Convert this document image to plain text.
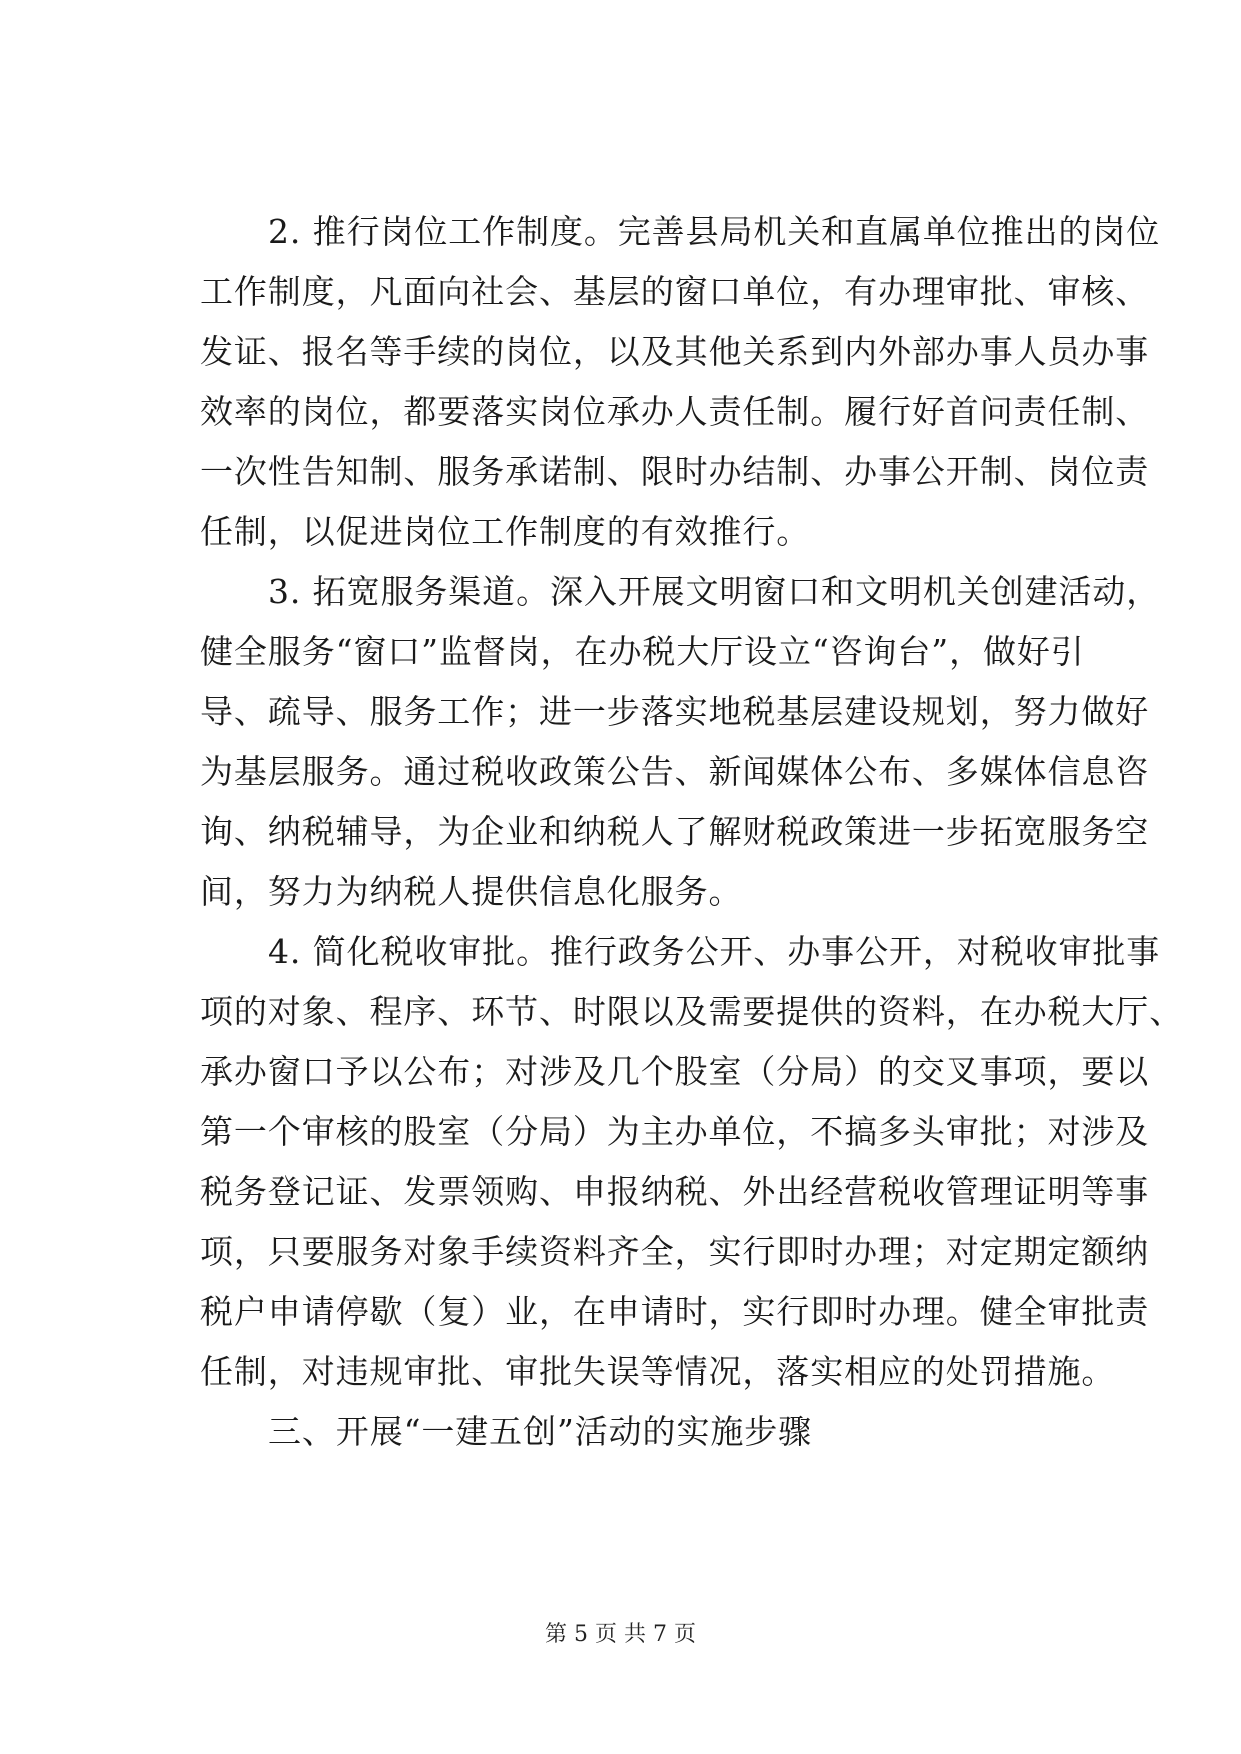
2. 推行岗位工作制度。完善县局机关和直属单位推出的岗位
工作制度，凡面向社会、基层的窗口单位，有办理审批、审核、
发证、报名等手续的岗位，以及其他关系到内外部办事人员办事
效率的岗位，都要落实岗位承办人责任制。履行好首问责任制、
一次性告知制、服务承诺制、限时办结制、办事公开制、岗位责
任制，以促进岗位工作制度的有效推行。
3. 拓宽服务渠道。深入开展文明窗口和文明机关创建活动，
健全服务“窗口”监督岗，在办税大厅设立“咨询台”，做好引
导、疏导、服务工作；进一步落实地税基层建设规划，努力做好
为基层服务。通过税收政策公告、新闻媒体公布、多媒体信息咨
询、纳税辅导，为企业和纳税人了解财税政策进一步拓宽服务空
间，努力为纳税人提供信息化服务。
4. 简化税收审批。推行政务公开、办事公开，对税收审批事
项的对象、程序、环节、时限以及需要提供的资料，在办税大厅、
承办窗口予以公布；对涉及几个股室（分局）的交叉事项，要以
第一个审核的股室（分局）为主办单位，不搞多头审批；对涉及
税务登记证、发票领购、申报纳税、外出经营税收管理证明等事
项，只要服务对象手续资料齐全，实行即时办理；对定期定额纳
税户申请停歇（复）业，在申请时，实行即时办理。健全审批责
任制，对违规审批、审批失误等情况，落实相应的处罚措施。
三、开展“一建五创”活动的实施步骤
第 5 页 共 7 页
